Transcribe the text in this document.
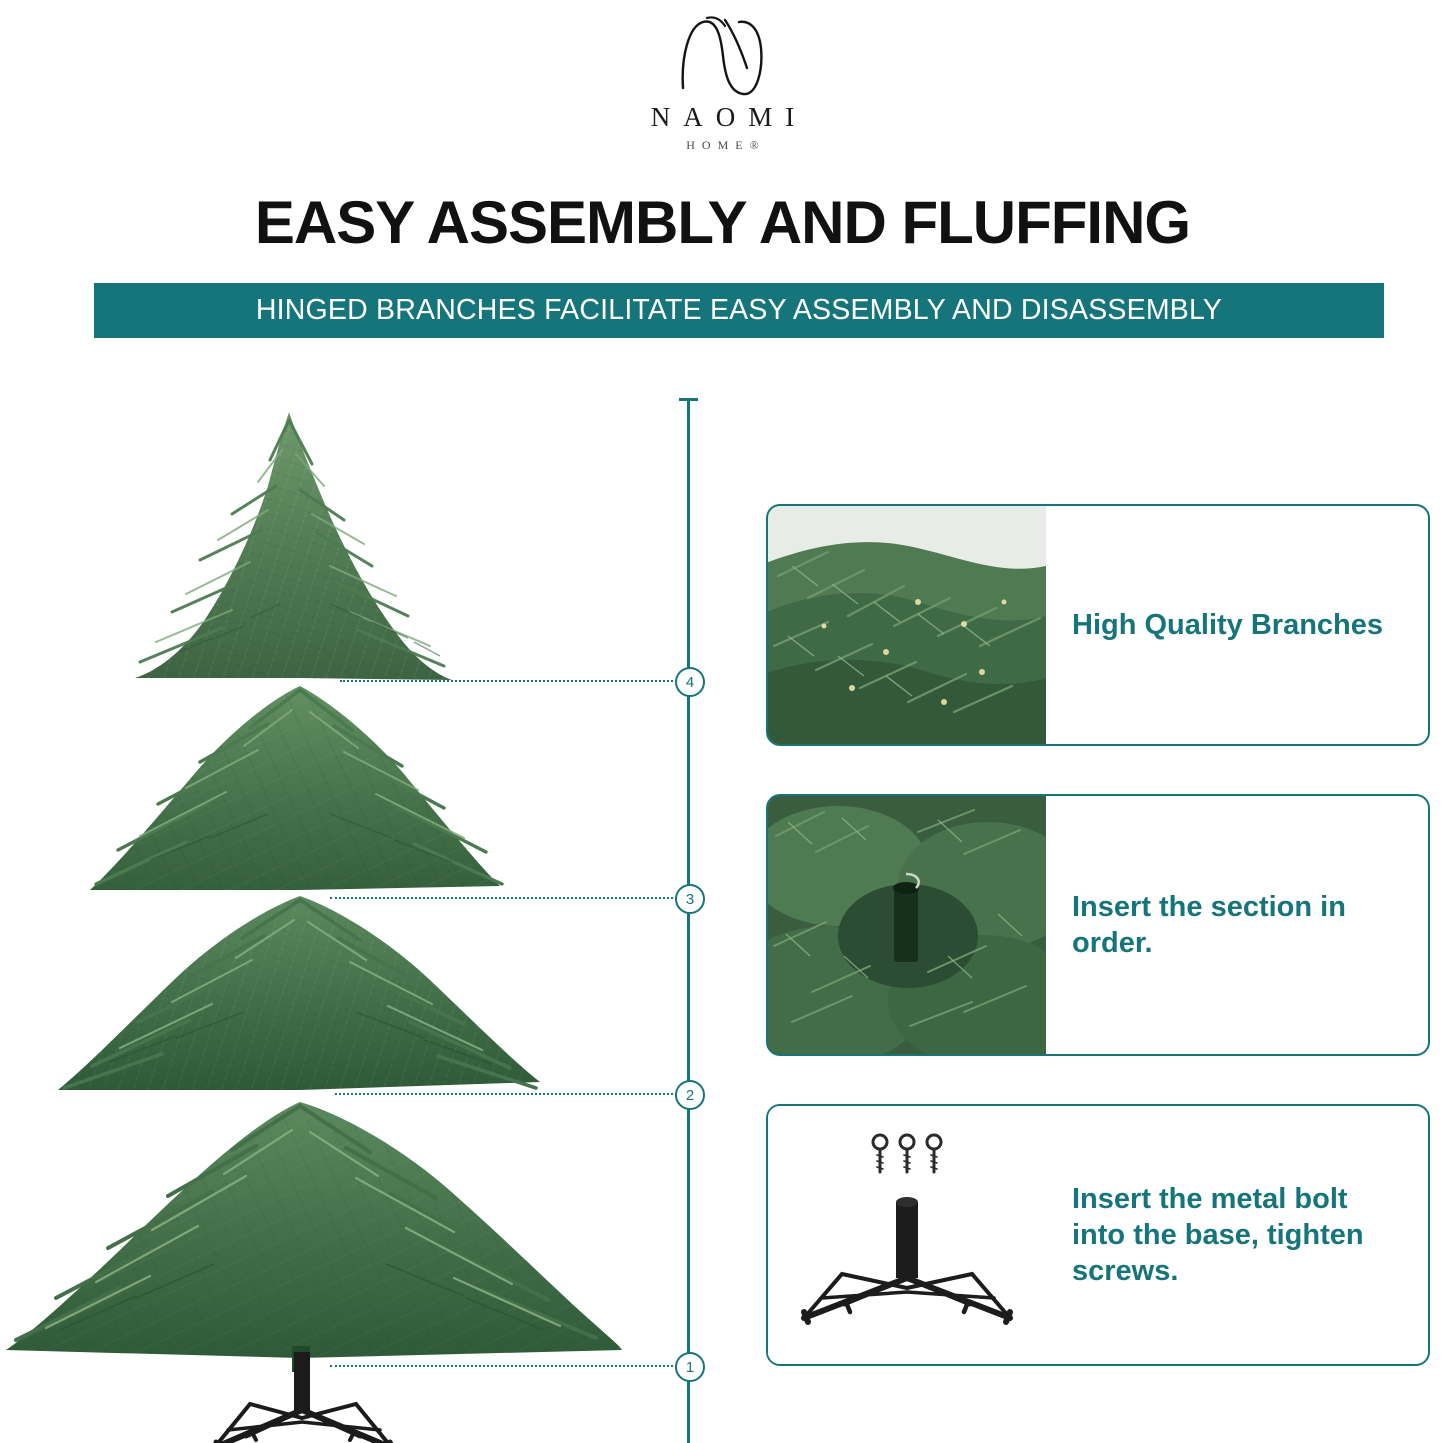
NAOMI
HOME®
EASY ASSEMBLY AND FLUFFING
HINGED BRANCHES FACILITATE EASY ASSEMBLY AND DISASSEMBLY
4
3
2
1
High Quality Branches
Insert the section in order.
Insert the metal bolt into the base, tighten screws.
